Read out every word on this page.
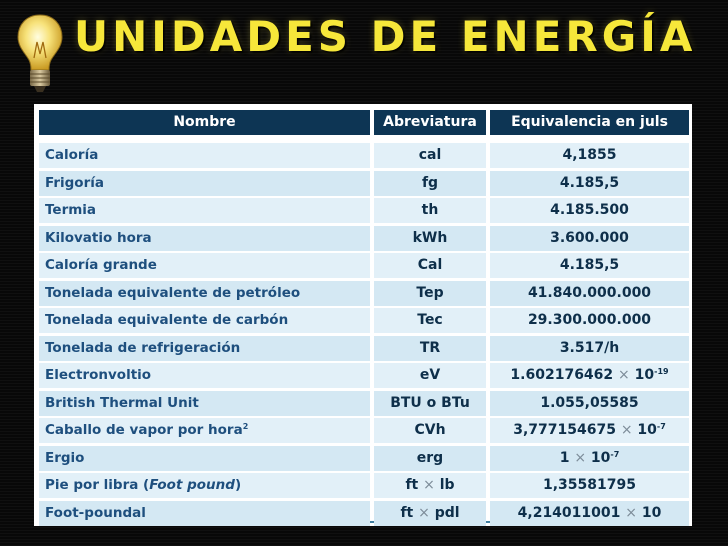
UNIDADES DE ENERGÍA
Nombre	Abreviatura	Equivalencia en juls
Caloría	cal	4,1855
Frigoría	fg	4.185,5
Termia	th	4.185.500
Kilovatio hora	kWh	3.600.000
Caloría grande	Cal	4.185,5
Tonelada equivalente de petróleo	Tep	41.840.000.000
Tonelada equivalente de carbón	Tec	29.300.000.000
Tonelada de refrigeración	TR	3.517/h
Electronvoltio	eV	$1.602176462 \times 10^{-19}$
British Thermal Unit	BTU o BTu	1.055,05585
Caballo de vapor por hora$^2$	CVh	$3,777154675 \times 10^{-7}$
Ergio	erg	$1 \times 10^{-7}$
Pie por libra (Foot pound)	ft × lb	1,35581795
Foot-poundal	ft × pdl	4,214011001 × 10
